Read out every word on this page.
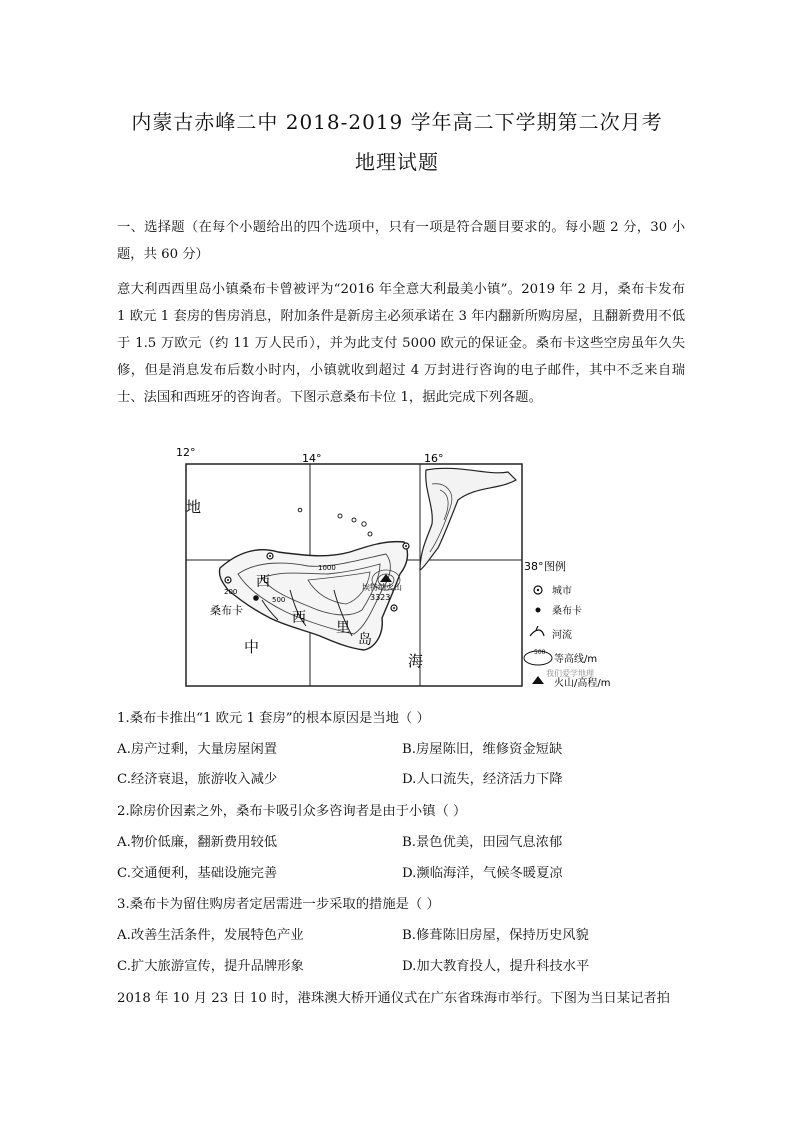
内蒙古赤峰二中 2018-2019 学年高二下学期第二次月考
地理试题
一、选择题（在每个小题给出的四个选项中，只有一项是符合题目要求的。每小题 2 分，30 小题，共 60 分）
意大利西西里岛小镇桑布卡曾被评为“2016 年全意大利最美小镇”。2019 年 2 月，桑布卡发布 1 欧元 1 套房的售房消息，附加条件是新房主必须承诺在 3 年内翻新所购房屋，且翻新费用不低于 1.5 万欧元（约 11 万人民币），并为此支付 5000 欧元的保证金。桑布卡这些空房虽年久失修，但是消息发布后数小时内，小镇就收到超过 4 万封进行咨询的电子邮件，其中不乏来自瑞士、法国和西班牙的咨询者。下图示意桑布卡位 1，据此完成下列各题。
12°	14°	16°
38°
地
西
西
里
岛
中
海
桑布卡
埃特纳火山
3323
1000
500
200
图例
城市
桑布卡
河流
500
等高线/m
火山/高程/m
我们爱学地理
1.桑布卡推出“1 欧元 1 套房”的根本原因是当地（ ）
A.房产过剩，大量房屋闲置	B.房屋陈旧，维修资金短缺
C.经济衰退，旅游收入减少	D.人口流失，经济活力下降
2.除房价因素之外，桑布卡吸引众多咨询者是由于小镇（ ）
A.物价低廉，翻新费用较低	B.景色优美，田园气息浓郁
C.交通便利，基础设施完善	D.濒临海洋，气候冬暖夏凉
3.桑布卡为留住购房者定居需进一步采取的措施是（ ）
A.改善生活条件，发展特色产业	B.修葺陈旧房屋，保持历史风貌
C.扩大旅游宣传，提升品牌形象	D.加大教育投人，提升科技水平
2018 年 10 月 23 日 10 时，港珠澳大桥开通仪式在广东省珠海市举行。下图为当日某记者拍
